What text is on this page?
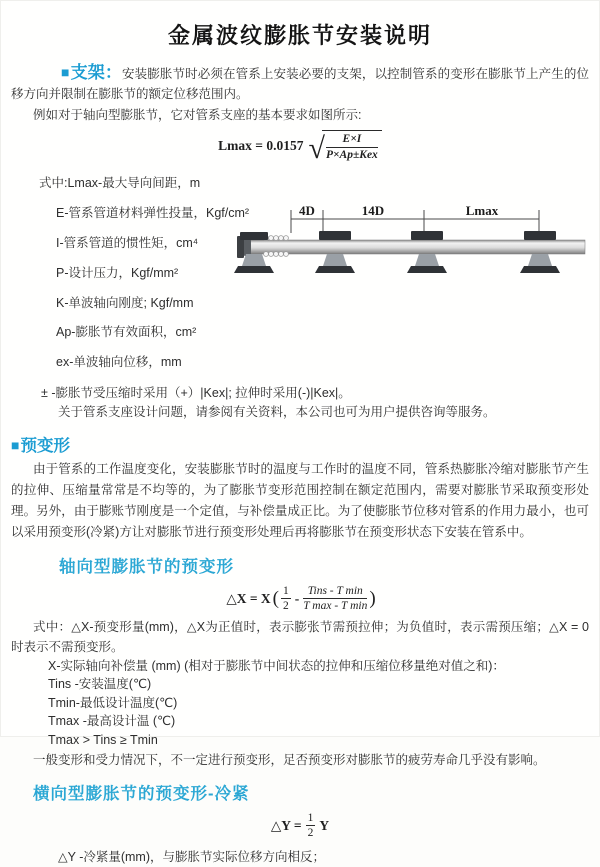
金属波纹膨胀节安装说明

■支架：安装膨胀节时必须在管系上安装必要的支架，以控制管系的变形在膨胀节上产生的位移方向并限制在膨胀节的额定位移范围内。

例如对于轴向型膨胀节，它对管系支座的基本要求如图所示:

Lmax = 0.0157 √
$\frac{E\times I}{\text{P×Ap±Kex}}$

式中:Lmax-最大导向间距，m

E-管系管道材料弹性投量，Kgf/cm²

I-管系管道的惯性矩，cm⁴

P-设计压力，Kgf/mm²

K-单波轴向刚度; Kgf/mm

Ap-膨胀节有效面积，cm²

ex-单波轴向位移，mm

± -膨胀节受压缩时采用（+）|Kex|; 拉伸时采用(-)|Kex|。

关于管系支座设计问题，请参阅有关资料，本公司也可为用户提供咨询等服务。

4D	14D	Lmax
■预变形

由于管系的工作温度变化，安装膨胀节时的温度与工作时的温度不同，管系热膨胀冷缩对膨胀节产生的拉伸、压缩量常常是不均等的，为了膨胀节变形范围控制在额定范围内，需要对膨胀节采取预变形处理。另外，由于膨账节刚度是一个定值，与补偿量成正比。为了使膨胀节位移对管系的作用力最小，也可以采用预变形(冷紧)方让对膨胀节进行预变形处理后再将膨胀节在预变形状态下安装在管系中。

轴向型膨胀节的预变形
△X = X ( $\frac{1}{2} - \frac{\text{Tins - T min}}{\text{T max - T min}}$ )

式中：△X-预变形量(mm)，△X为正值时，表示膨张节需预拉伸；为负值时，表示需预压缩；△X = 0时表示不需预变形。

X-实际轴向补偿量 (mm) (相对于膨胀节中间状态的拉伸和压缩位移量绝对值之和)：

Tins -安装温度(℃)

Tmin-最低设计温度(℃)

Tmax -最高设计温 (℃)

Tmax > Tins ≥ Tmin

一般变形和受力情况下，不一定进行预变形，足否预变形对膨胀节的疲劳寿命几乎没有影响。

横向型膨胀节的预变形-冷紧
△Y = $\frac{1}{2}$ Y

△Y -冷紧量(mm)，与膨胀节实际位移方向相反；
